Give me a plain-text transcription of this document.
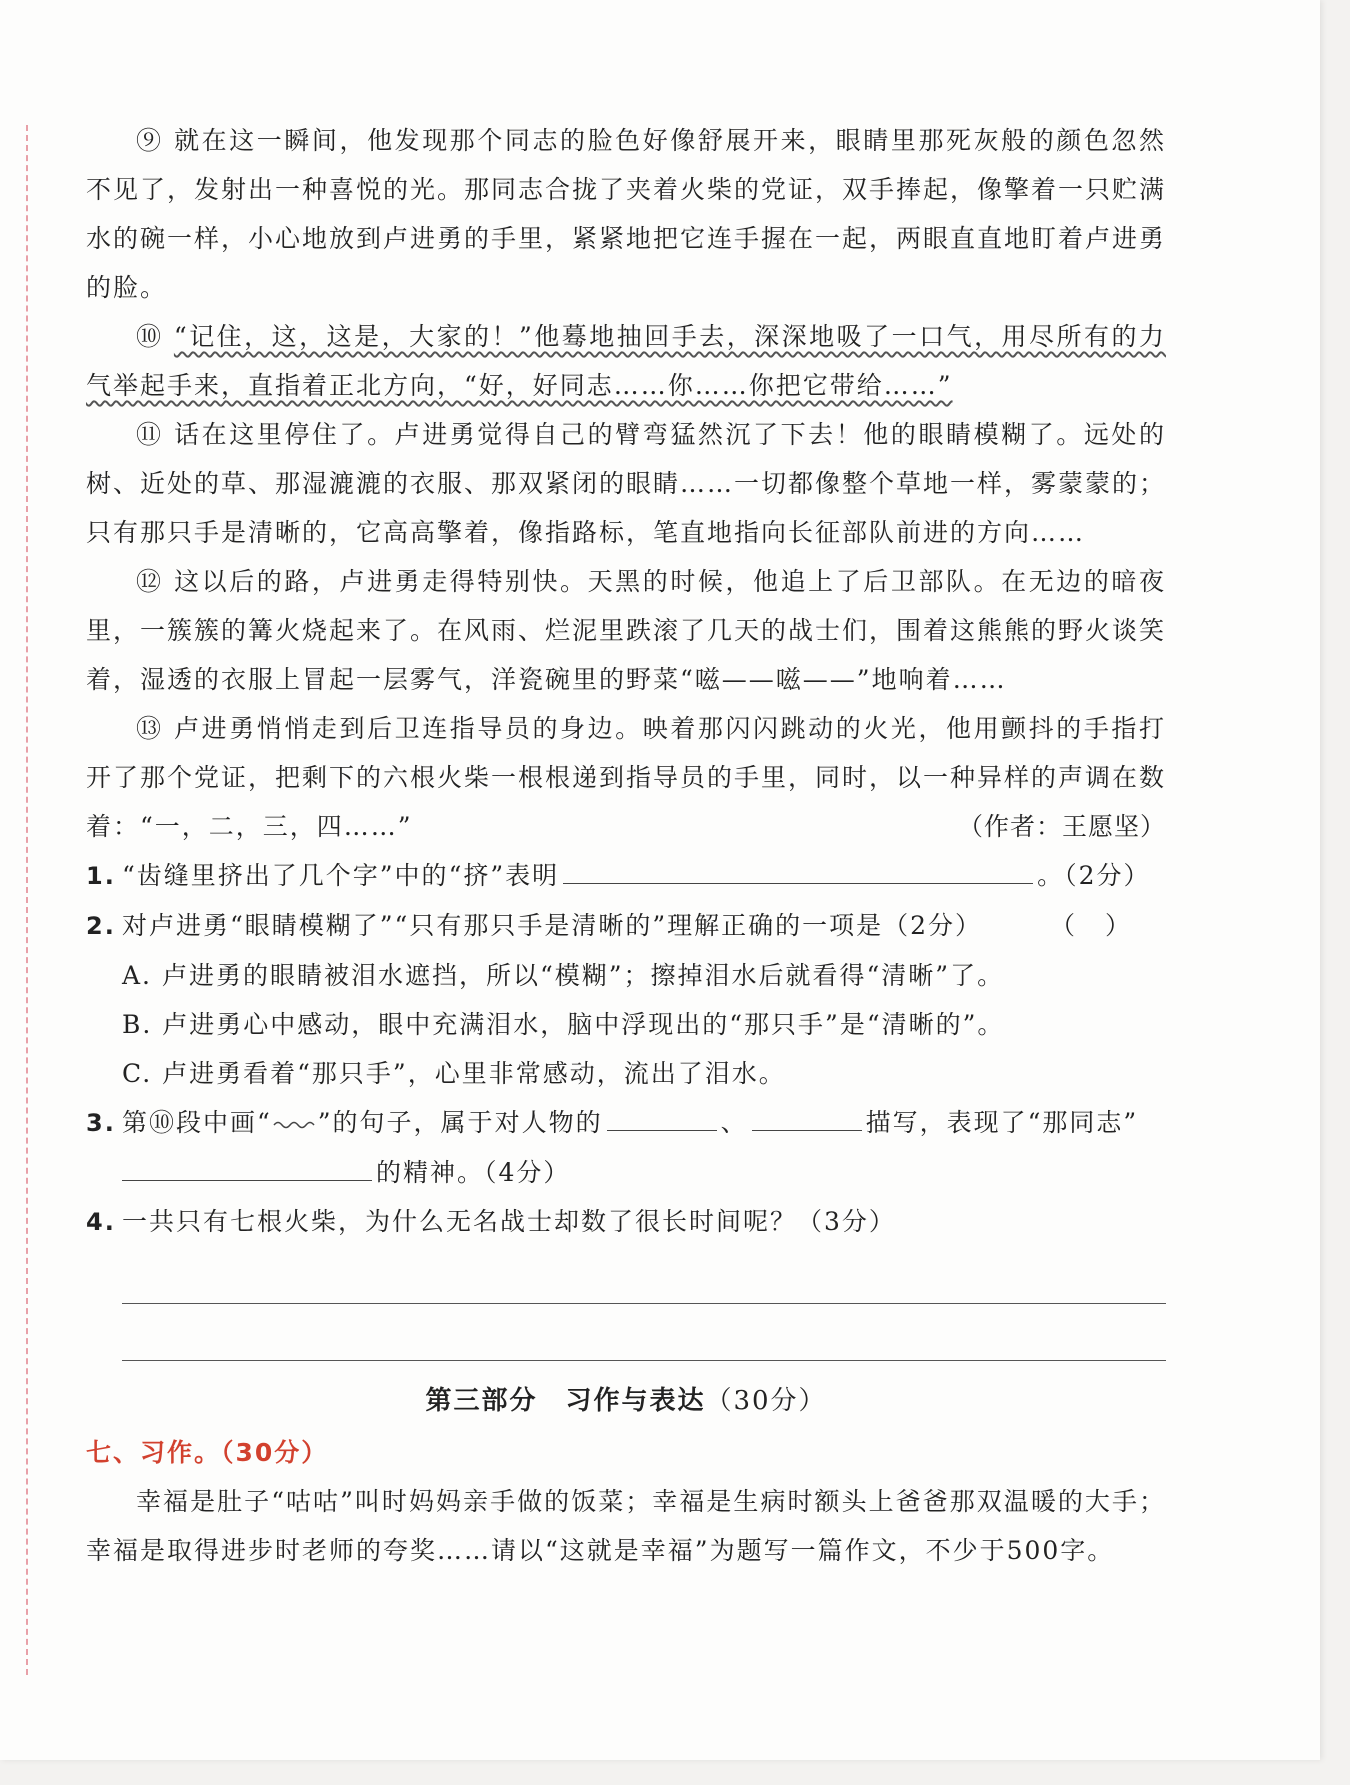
⑨ 就在这一瞬间，他发现那个同志的脸色好像舒展开来，眼睛里那死灰般的颜色忽然不见了，发射出一种喜悦的光。那同志合拢了夹着火柴的党证，双手捧起，像擎着一只贮满水的碗一样，小心地放到卢进勇的手里，紧紧地把它连手握在一起，两眼直直地盯着卢进勇的脸。

⑩ “记住，这，这是，大家的！”他蓦地抽回手去，深深地吸了一口气，用尽所有的力气举起手来，直指着正北方向，“好，好同志……你……你把它带给……”

⑪ 话在这里停住了。卢进勇觉得自己的臂弯猛然沉了下去！他的眼睛模糊了。远处的树、近处的草、那湿漉漉的衣服、那双紧闭的眼睛……一切都像整个草地一样，雾蒙蒙的；只有那只手是清晰的，它高高擎着，像指路标，笔直地指向长征部队前进的方向……

⑫ 这以后的路，卢进勇走得特别快。天黑的时候，他追上了后卫部队。在无边的暗夜里，一簇簇的篝火烧起来了。在风雨、烂泥里跌滚了几天的战士们，围着这熊熊的野火谈笑着，湿透的衣服上冒起一层雾气，洋瓷碗里的野菜“嗞——嗞——”地响着……

⑬ 卢进勇悄悄走到后卫连指导员的身边。映着那闪闪跳动的火光，他用颤抖的手指打开了那个党证，把剩下的六根火柴一根根递到指导员的手里，同时，以一种异样的声调在数着：“一，二，三，四……”	（作者：王愿坚）
1. “齿缝里挤出了几个字”中的“挤”表明	。（2分）
2. 对卢进勇“眼睛模糊了”“只有那只手是清晰的”理解正确的一项是（2分）	（）
A. 卢进勇的眼睛被泪水遮挡，所以“模糊”；擦掉泪水后就看得“清晰”了。
B. 卢进勇心中感动，眼中充满泪水，脑中浮现出的“那只手”是“清晰的”。
C. 卢进勇看着“那只手”，心里非常感动，流出了泪水。
3. 第⑩段中画“ ”的句子，属于对人物的	、	描写，表现了“那同志”
的精神。（4分）
4. 一共只有七根火柴，为什么无名战士却数了很长时间呢？（3分）
第三部分　习作与表达（30分）
七、习作。（30分）

幸福是肚子“咕咕”叫时妈妈亲手做的饭菜；幸福是生病时额头上爸爸那双温暖的大手；幸福是取得进步时老师的夸奖……请以“这就是幸福”为题写一篇作文，不少于500字。
